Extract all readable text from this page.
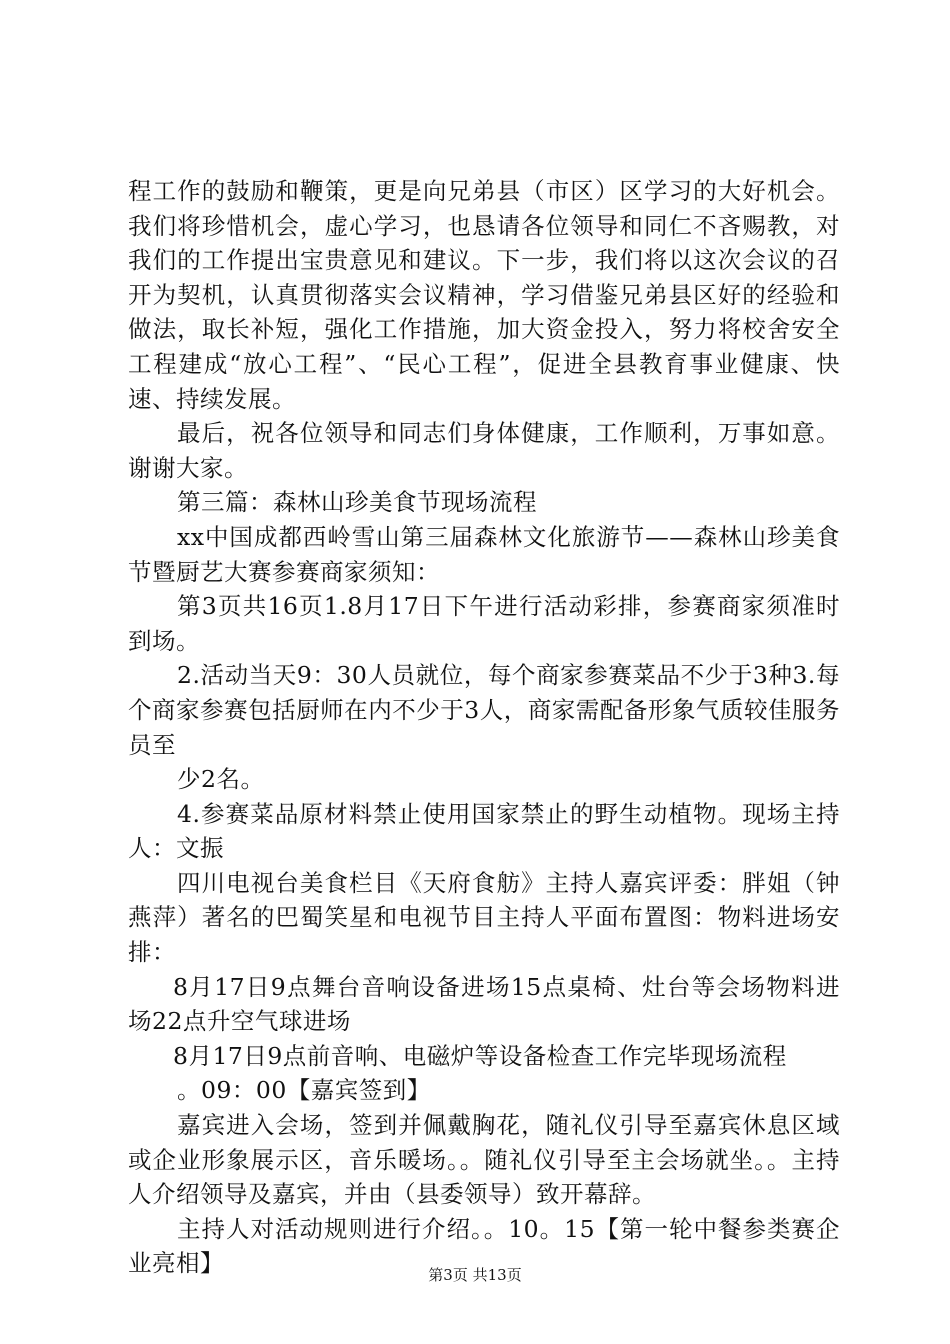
程工作的鼓励和鞭策，更是向兄弟县（市区）区学习的大好机会。我们将珍惜机会，虚心学习，也恳请各位领导和同仁不吝赐教，对我们的工作提出宝贵意见和建议。下一步，我们将以这次会议的召开为契机，认真贯彻落实会议精神，学习借鉴兄弟县区好的经验和做法，取长补短，强化工作措施，加大资金投入，努力将校舍安全工程建成“放心工程”、“民心工程”，促进全县教育事业健康、快速、持续发展。

最后，祝各位领导和同志们身体健康，工作顺利，万事如意。谢谢大家。

第三篇：森林山珍美食节现场流程

xx中国成都西岭雪山第三届森林文化旅游节——森林山珍美食节暨厨艺大赛参赛商家须知：

第3页共16页1.8月17日下午进行活动彩排，参赛商家须准时到场。

2.活动当天9：30人员就位，每个商家参赛菜品不少于3种3.每个商家参赛包括厨师在内不少于3人，商家需配备形象气质较佳服务员至

少2名。

4.参赛菜品原材料禁止使用国家禁止的野生动植物。现场主持人：文振

四川电视台美食栏目《天府食舫》主持人嘉宾评委：胖姐（钟燕萍）著名的巴蜀笑星和电视节目主持人平面布置图：物料进场安排：

8月17日9点舞台音响设备进场15点桌椅、灶台等会场物料进场22点升空气球进场

8月17日9点前音响、电磁炉等设备检查工作完毕现场流程

。09：00【嘉宾签到】

嘉宾进入会场，签到并佩戴胸花，随礼仪引导至嘉宾休息区域或企业形象展示区，音乐暖场。。随礼仪引导至主会场就坐。。主持人介绍领导及嘉宾，并由（县委领导）致开幕辞。

主持人对活动规则进行介绍。。10。15【第一轮中餐参类赛企业亮相】	第3页 共13页
